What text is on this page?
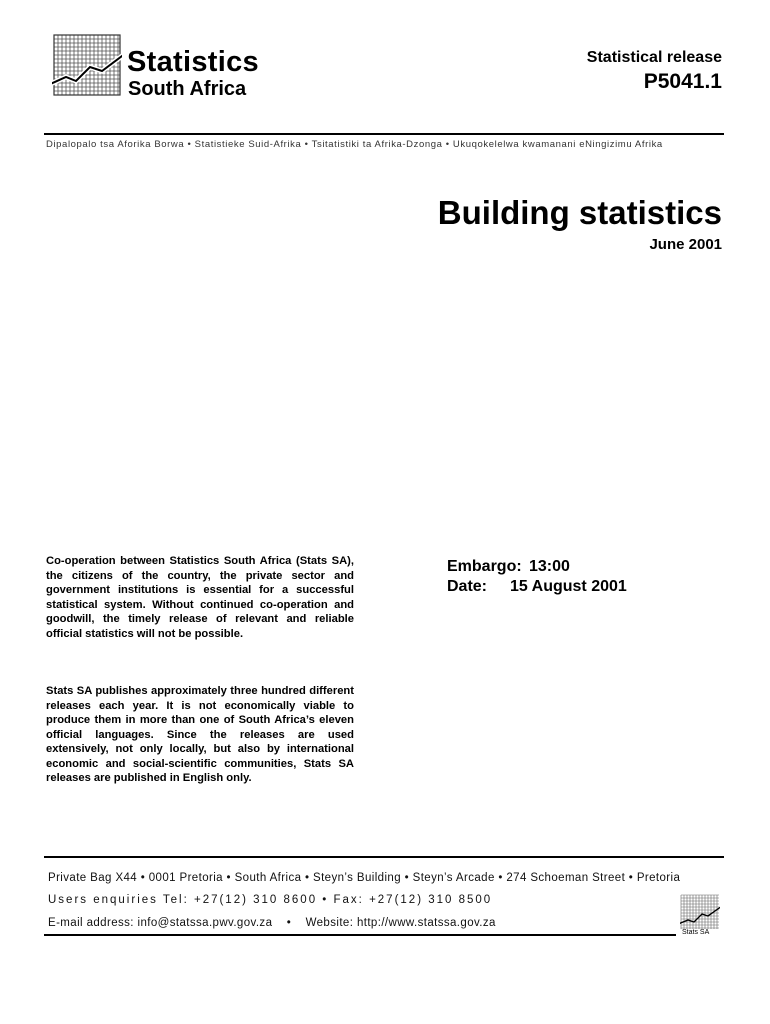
Statistics
South Africa
Statistical release
P5041.1
Dipalopalo tsa Aforika Borwa • Statistieke Suid-Afrika • Tsitatistiki ta Afrika-Dzonga • Ukuqokelelwa kwamanani eNingizimu Afrika
Building statistics
June 2001
Co-operation between Statistics South Africa (Stats SA), the citizens of the country, the private sector and government institutions is essential for a successful statistical system. Without continued co-operation and goodwill, the timely release of relevant and reliable official statistics will not be possible.
Stats SA publishes approximately three hundred different releases each year. It is not economically viable to produce them in more than one of South Africa’s eleven official languages. Since the releases are used extensively, not only locally, but also by international economic and social-scientific communities, Stats SA releases are published in English only.
Embargo: 13:00
Date: 15 August 2001
Private Bag X44 • 0001 Pretoria • South Africa • Steyn’s Building • Steyn’s Arcade • 274 Schoeman Street • Pretoria
Users enquiries Tel: +27(12) 310 8600 • Fax: +27(12) 310 8500
E-mail address: info@statssa.pwv.gov.za • Website: http://www.statssa.gov.za
Stats SA
